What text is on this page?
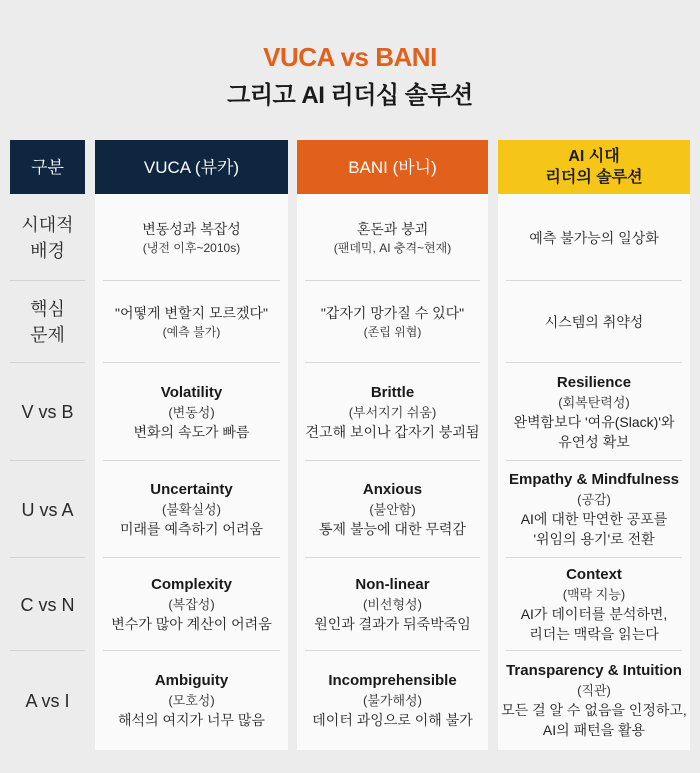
VUCA vs BANI
그리고 AI 리더십 솔루션
구분
시대적
배경
핵심
문제
V vs B
U vs A
C vs N
A vs I
VUCA (뷰카)
변동성과 복잡성
(냉전 이후~2010s)
"어떻게 변할지 모르겠다"
(예측 불가)
Volatility
(변동성)
변화의 속도가 빠름
Uncertainty
(불확실성)
미래를 예측하기 어려움
Complexity
(복잡성)
변수가 많아 계산이 어려움
Ambiguity
(모호성)
해석의 여지가 너무 많음
BANI (바니)
혼돈과 붕괴
(팬데믹, AI 충격~현재)
"갑자기 망가질 수 있다"
(존립 위협)
Brittle
(부서지기 쉬움)
견고해 보이나 갑자기 붕괴됨
Anxious
(불안함)
통제 불능에 대한 무력감
Non-linear
(비선형성)
원인과 결과가 뒤죽박죽임
Incomprehensible
(불가해성)
데이터 과잉으로 이해 불가
AI 시대
리더의 솔루션
예측 불가능의 일상화
시스템의 취약성
Resilience
(회복탄력성)
완벽함보다 '여유(Slack)'와
유연성 확보
Empathy & Mindfulness
(공감)
AI에 대한 막연한 공포를
'위임의 용기'로 전환
Context
(맥락 지능)
AI가 데이터를 분석하면,
리더는 맥락을 읽는다
Transparency & Intuition
(직관)
모든 걸 알 수 없음을 인정하고,
AI의 패턴을 활용
